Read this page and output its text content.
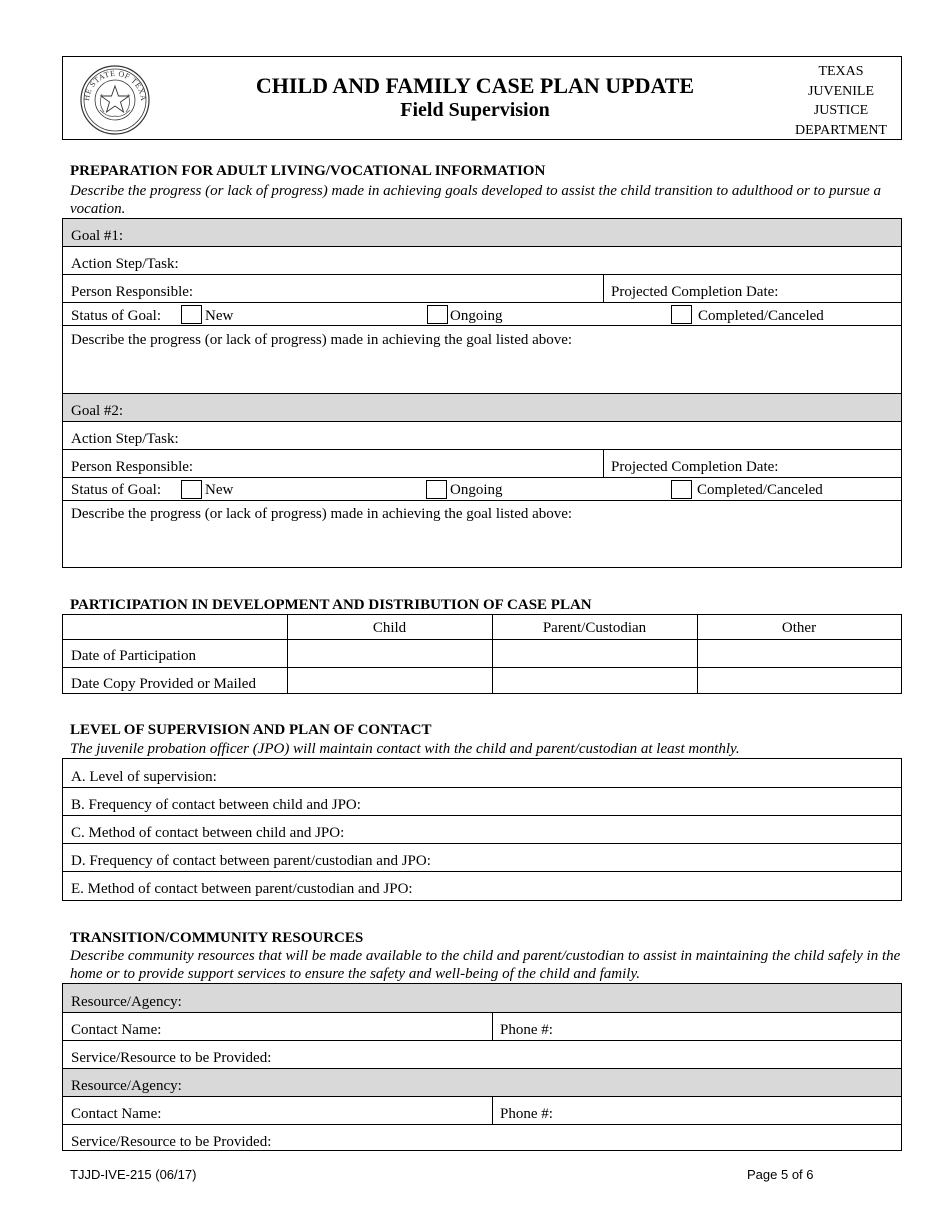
HE STATE OF TEXA
CHILD AND FAMILY CASE PLAN UPDATE
Field Supervision
TEXAS
JUVENILE
JUSTICE
DEPARTMENT
PREPARATION FOR ADULT LIVING/VOCATIONAL INFORMATION
Describe the progress (or lack of progress) made in achieving goals developed to assist the child transition to adulthood or to pursue a vocation.
Goal #1:
Action Step/Task:
Person Responsible:	Projected Completion Date:
Status of Goal:	New	Ongoing	Completed/Canceled
Describe the progress (or lack of progress) made in achieving the goal listed above:
Goal #2:
Action Step/Task:
Person Responsible:	Projected Completion Date:
Status of Goal:	New	Ongoing	Completed/Canceled
Describe the progress (or lack of progress) made in achieving the goal listed above:
PARTICIPATION IN DEVELOPMENT AND DISTRIBUTION OF CASE PLAN
Child	Parent/Custodian	Other
Date of Participation
Date Copy Provided or Mailed
LEVEL OF SUPERVISION AND PLAN OF CONTACT
The juvenile probation officer (JPO) will maintain contact with the child and parent/custodian at least monthly.
A. Level of supervision:
B. Frequency of contact between child and JPO:
C. Method of contact between child and JPO:
D. Frequency of contact between parent/custodian and JPO:
E. Method of contact between parent/custodian and JPO:
TRANSITION/COMMUNITY RESOURCES
Describe community resources that will be made available to the child and parent/custodian to assist in maintaining the child safely in the home or to provide support services to ensure the safety and well-being of the child and family.
Resource/Agency:
Contact Name:	Phone #:
Service/Resource to be Provided:
Resource/Agency:
Contact Name:	Phone #:
Service/Resource to be Provided:
TJJD-IVE-215 (06/17)	Page 5 of 6
